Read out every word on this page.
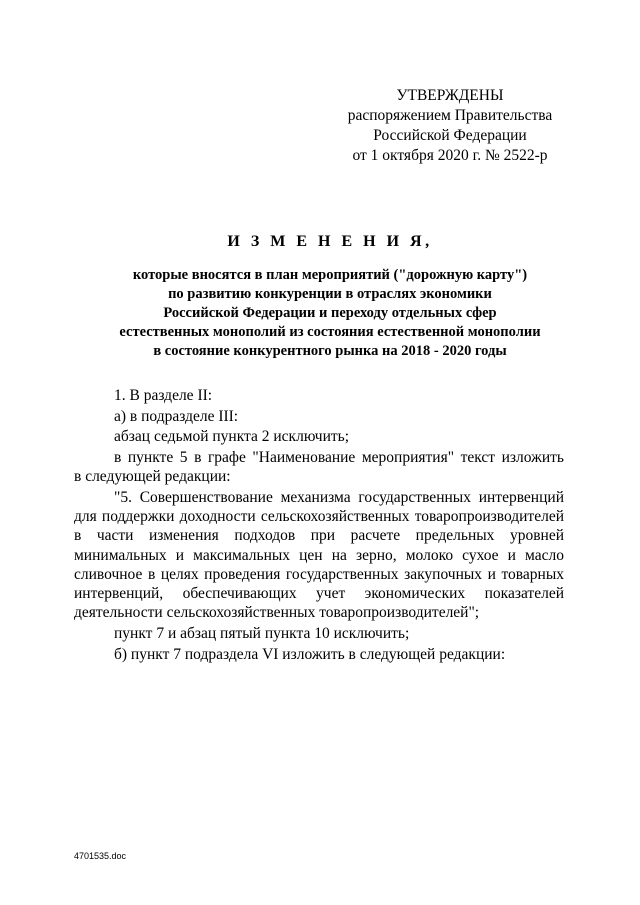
УТВЕРЖДЕНЫ
распоряжением Правительства
Российской Федерации
от 1 октября 2020 г. № 2522-р
И З М Е Н Е Н И Я,
которые вносятся в план мероприятий ("дорожную карту")
по развитию конкуренции в отраслях экономики
Российской Федерации и переходу отдельных сфер
естественных монополий из состояния естественной монополии
в состояние конкурентного рынка на 2018 - 2020 годы

1. В разделе II:

а) в подразделе III:

абзац седьмой пункта 2 исключить;

в пункте 5 в графе "Наименование мероприятия" текст изложить
в следующей редакции:
"5. Совершенствование механизма государственных интервенций
для поддержки доходности сельскохозяйственных товаропроизводителей
в части изменения подходов при расчете предельных уровней
минимальных и максимальных цен на зерно, молоко сухое и масло
сливочное в целях проведения государственных закупочных и товарных
интервенций, обеспечивающих учет экономических показателей
деятельности сельскохозяйственных товаропроизводителей";

пункт 7 и абзац пятый пункта 10 исключить;

б) пункт 7 подраздела VI изложить в следующей редакции:

4701535.doc
